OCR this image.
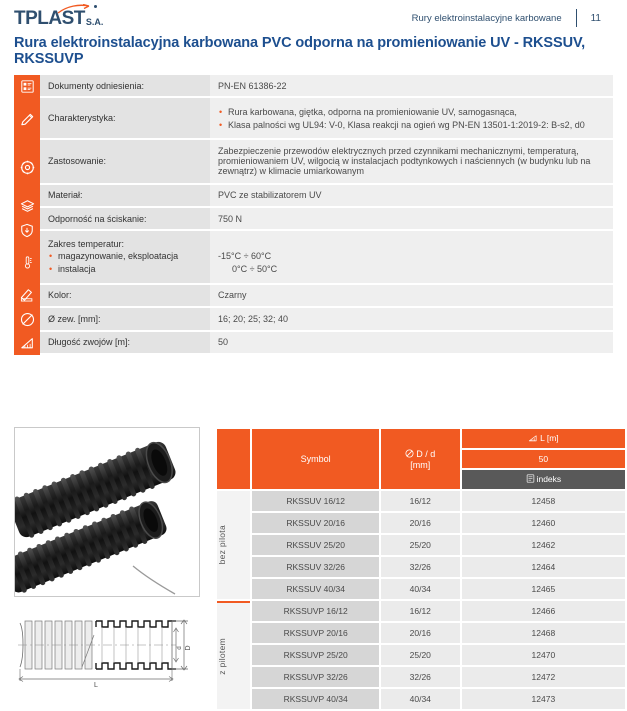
TPLAST S.A.	Rury elektroinstalacyjne karbowane	11
Rura elektroinstalacyjna karbowana PVC odporna na promieniowanie UV - RKSSUV, RKSSUVP
Dokumenty odniesienia:	PN-EN 61386-22
Charakterystyka:	
• Rura karbowana, giętka, odporna na promieniowanie UV, samogasnąca,
• Klasa palności wg UL94: V-0, Klasa reakcji na ogień wg PN-EN 13501-1:2019-2: B-s2, d0

Zastosowanie:	Zabezpieczenie przewodów elektrycznych przed czynnikami mechanicznymi, temperaturą, promieniowaniem UV, wilgocią w instalacjach podtynkowych i naściennych (w budynku lub na zewnątrz) w klimacie umiarkowanym
Materiał:	PVC ze stabilizatorem UV
Odporność na ściskanie:	750 N

Zakres temperatur:
• magazynowanie, eksploatacja
• instalacja

-15°C ÷ 60°C
0°C ÷ 50°C

Kolor:	Czarny
Ø zew. [mm]:	16; 20; 25; 32; 40
Długość zwojów [m]:	50
D
d
L
	Symbol	D / d
[mm]	L [m]
			50
			indeks

bez pilota	RKSSUV 16/12	16/12	12458
	RKSSUV 20/16	20/16	12460
	RKSSUV 25/20	25/20	12462
	RKSSUV 32/26	32/26	12464
	RKSSUV 40/34	40/34	12465

z pilotem	RKSSUVP 16/12	16/12	12466
	RKSSUVP 20/16	20/16	12468
	RKSSUVP 25/20	25/20	12470
	RKSSUVP 32/26	32/26	12472
	RKSSUVP 40/34	40/34	12473
